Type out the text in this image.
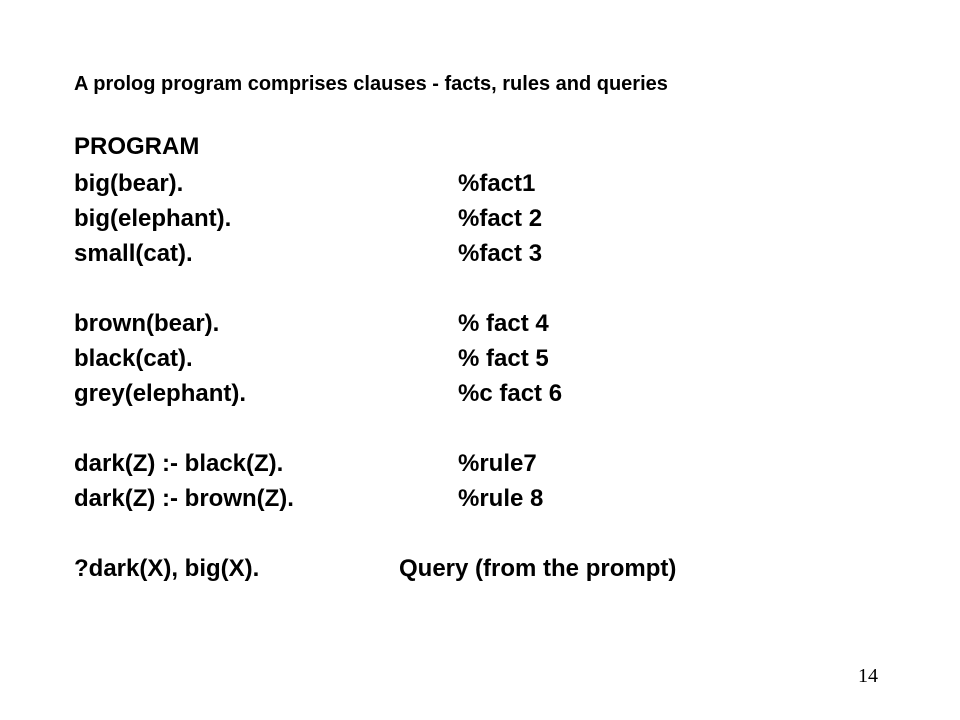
A prolog program comprises clauses - facts, rules and queries
PROGRAM
big(bear).	%fact1
big(elephant).	%fact 2
small(cat).	%fact 3
brown(bear).	% fact 4
black(cat).	% fact 5
grey(elephant).	%c fact 6
dark(Z) :- black(Z).	%rule7
dark(Z) :- brown(Z).	%rule 8
?dark(X), big(X).	Query (from the prompt)
14
